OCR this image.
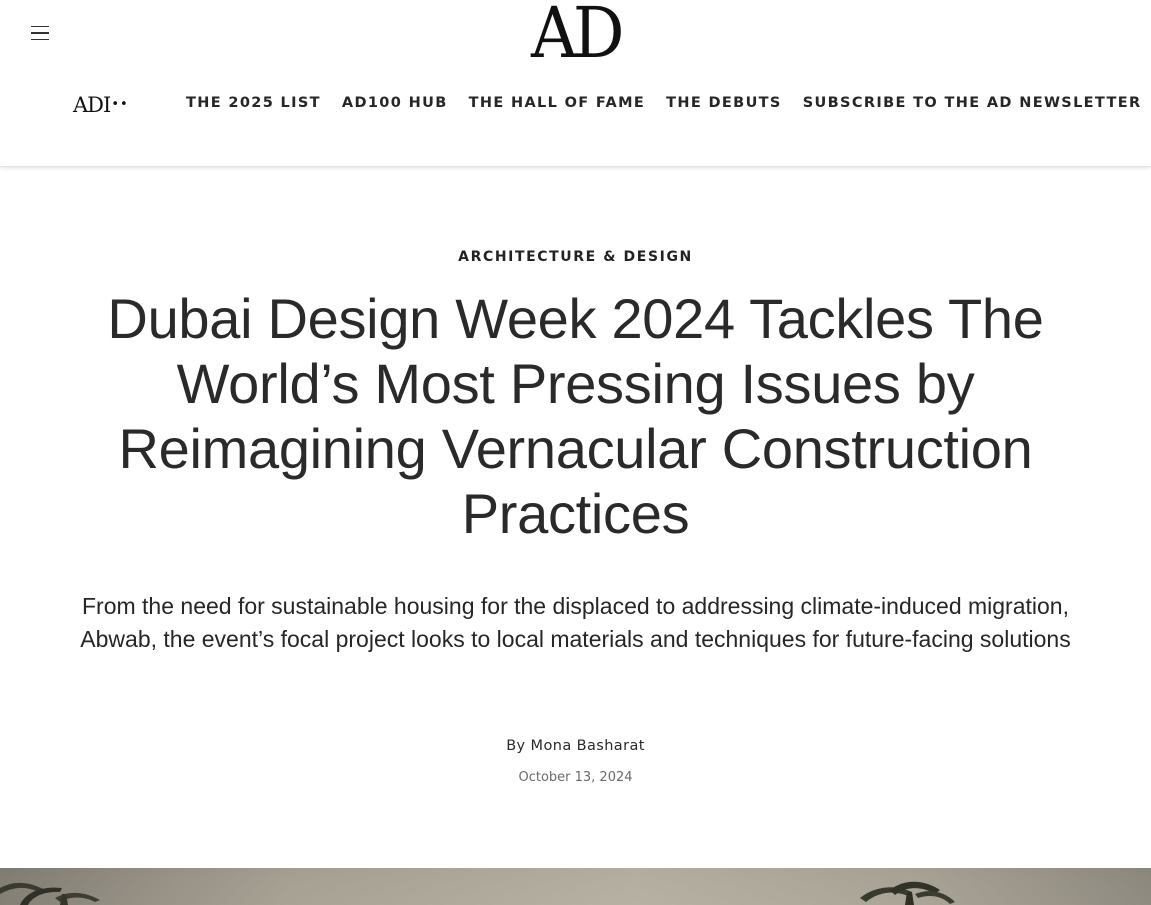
AD
ADI ••	THE 2025 LIST AD100 HUB THE HALL OF FAME THE DEBUTS SUBSCRIBE TO THE AD NEWSLETTER
ARCHITECTURE & DESIGN
Dubai Design Week 2024 Tackles The World’s Most Pressing Issues by Reimagining Vernacular Construction Practices

From the need for sustainable housing for the displaced to addressing climate-induced migration, Abwab, the event’s focal project looks to local materials and techniques for future-facing solutions

By Mona Basharat
October 13, 2024
